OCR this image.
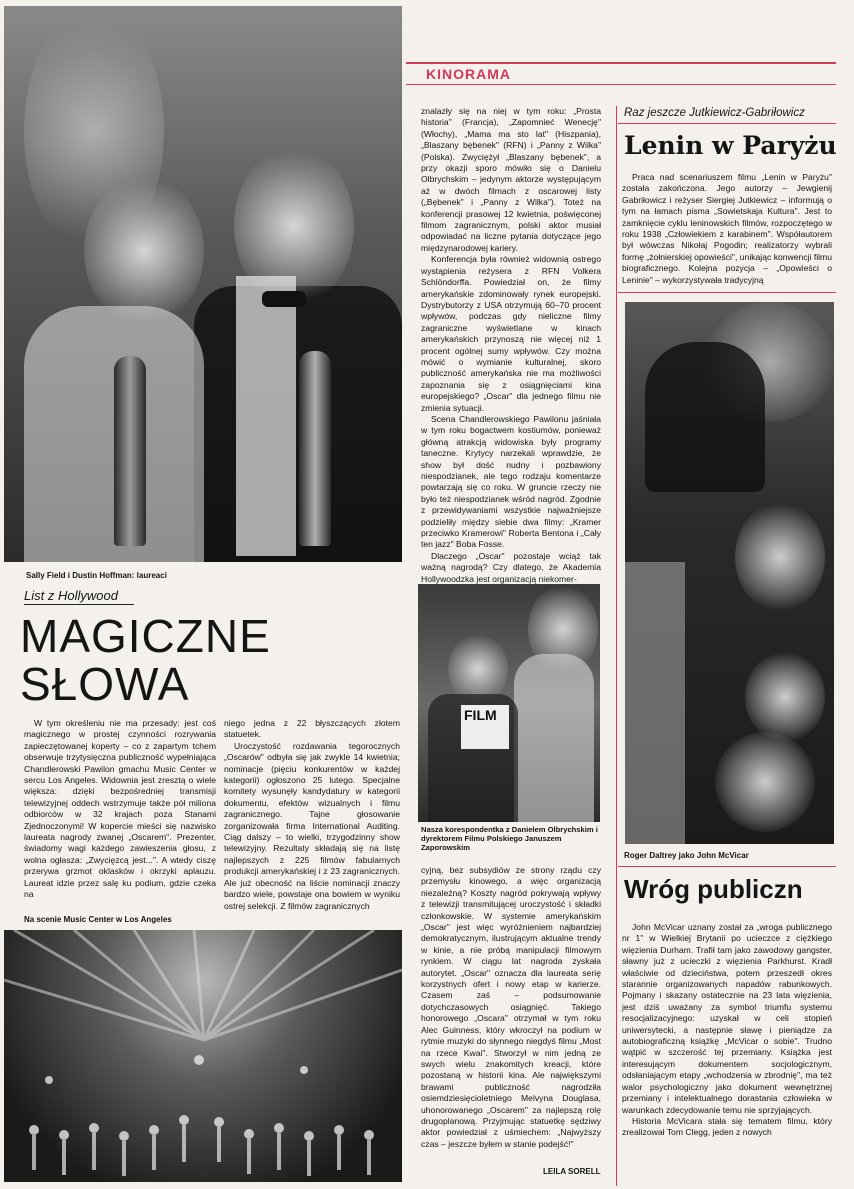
Sally Field i Dustin Hoffman: laureaci
List z Hollywood
MAGICZNE
SŁOWA

W tym określeniu nie ma przesady: jest coś magicznego w prostej czynności rozrywania zapieczętowanej koperty – co z zapartym tchem obserwuje trzytysięczna publiczność wypełniająca Chandlerowski Pawilon gmachu Music Center w sercu Los Angeles. Widownia jest zresztą o wiele większa: dzięki bezpośredniej transmisji telewizyjnej oddech wstrzymuje także pół miliona odbiorców w 32 krajach poza Stanami Zjednoczonymi! W kopercie mieści się nazwisko laureata nagrody zwanej „Oscarem". Prezenter, świadomy wagi każdego zawieszenia głosu, z wolna ogłasza: „Zwycięzcą jest...". A wtedy ciszę przerywa grzmot oklasków i okrzyki aplauzu. Laureat idzie przez salę ku podium, gdzie czeka na

niego jedna z 22 błyszczących złotem statuetek.

Uroczystość rozdawania tegorocznych „Oscarów" odbyła się jak zwykle 14 kwietnia; nominacje (pięciu konkurentów w każdej kategorii) ogłoszono 25 lutego. Specjalne komitety wysunęły kandydatury w kategorii dokumentu, efektów wizualnych i filmu zagranicznego. Tajne głosowanie zorganizowała firma International Auditing. Ciąg dalszy – to wielki, trzygodzinny show telewizyjny. Rezultaty składają się na listę najlepszych z 225 filmów fabularnych produkcji amerykańskiej i z 23 zagranicznych. Ale już obecność na liście nominacji znaczy bardzo wiele, powstaje ona bowiem w wyniku ostrej selekcji. Z filmów zagranicznych

Na scenie Music Center w Los Angeles
KINORAMA

znalazły się na niej w tym roku: „Prosta historia" (Francja), „Zapomnieć Wenecję" (Włochy), „Mama ma sto lat" (Hiszpania), „Blaszany bębenek" (RFN) i „Panny z Wilka" (Polska). Zwyciężył „Blaszany bębenek", a przy okazji sporo mówiło się o Danielu Olbrychskim – jedynym aktorze występującym aż w dwóch filmach z oscarowej listy („Bębenek" i „Panny z Wilka"). Toteż na konferencji prasowej 12 kwietnia, poświęconej filmom zagranicznym, polski aktor musiał odpowiadać na liczne pytania dotyczące jego międzynarodowej kariery.

Konferencja była również widownią ostrego wystąpienia reżysera z RFN Volkera Schlöndorffa. Powiedział on, że filmy amerykańskie zdominowały rynek europejski. Dystrybutorzy z USA otrzymują 60–70 procent wpływów, podczas gdy nieliczne filmy zagraniczne wyświetlane w kinach amerykańskich przynoszą nie więcej niż 1 procent ogólnej sumy wpływów. Czy można mówić o wymianie kulturalnej, skoro publiczność amerykańska nie ma możliwości zapoznania się z osiągnięciami kina europejskiego? „Oscar" dla jednego filmu nie zmienia sytuacji.

Scena Chandlerowskiego Pawilonu jaśniała w tym roku bogactwem kostiumów, ponieważ główną atrakcją widowiska były programy taneczne. Krytycy narzekali wprawdzie, że show był dość nudny i pozbawiony niespodzianek, ale tego rodzaju komentarze powtarzają się co roku. W gruncie rzeczy nie było też niespodzianek wśród nagród. Zgodnie z przewidywaniami wszystkie najważniejsze podzieliły między siebie dwa filmy: „Kramer przeciwko Kramerowi" Roberta Bentona i „Cały ten jazz" Boba Fosse.

Dlaczego „Oscar" pozostaje wciąż tak ważną nagrodą? Czy dlatego, że Akademia Hollywoodzka jest organizacją niekomer-

FILM
Nasza korespondentka z Danielem Olbrychskim i dyrektorem Filmu Polskiego Januszem Zaporowskim

cyjną, bez subsydiów ze strony rządu czy przemysłu kinowego, a więc organizacją niezależną? Koszty nagród pokrywają wpływy z telewizji transmitującej uroczystość i składki członkowskie. W systemie amerykańskim „Oscar" jest więc wyróżnieniem najbardziej demokratycznym, ilustrującym aktualne trendy w kinie, a nie próbą manipulacji filmowym rynkiem. W ciągu lat nagroda zyskała autorytet. „Oscar" oznacza dla laureata serię korzystnych ofert i nowy etap w karierze. Czasem zaś – podsumowanie dotychczasowych osiągnięć. Takiego honorowego „Oscara" otrzymał w tym roku Alec Guinness, który wkroczył na podium w rytmie muzyki do słynnego niegdyś filmu „Most na rzece Kwai". Stworzył w nim jedną ze swych wielu znakomitych kreacji, które pozostaną w historii kina. Ale największymi brawami publiczność nagrodziła osiemdziesięcioletniego Melvyna Douglasa, uhonorowanego „Oscarem" za najlepszą rolę drugoplanową. Przyjmując statuetkę sędziwy aktor powiedział z uśmiechem: „Najwyższy czas – jeszcze byłem w stanie podejść!"

LEILA SORELL
Raz jeszcze Jutkiewicz-Gabriłowicz
Lenin w Paryżu

Praca nad scenariuszem filmu „Lenin w Paryżu" została zakończona. Jego autorzy – Jewgienij Gabriłowicz i reżyser Siergiej Jutkiewicz – informują o tym na łamach pisma „Sowietskaja Kultura". Jest to zamknięcie cyklu leninowskich filmów, rozpoczętego w roku 1938 „Człowiekiem z karabinem". Współautorem był wówczas Nikołaj Pogodin; realizatorzy wybrali formę „żołnierskiej opowieści", unikając konwencji filmu biograficznego. Kolejna pozycja – „Opowieści o Leninie" – wykorzystywała tradycyjną

Roger Daltrey jako John McVicar
Wróg publiczn

John McVicar uznany został za „wroga publicznego nr 1" w Wielkiej Brytanii po ucieczce z ciężkiego więzienia Durham. Trafił tam jako zawodowy gangster, sławny już z ucieczki z więzienia Parkhurst. Kradł właściwie od dzieciństwa, potem przeszedł okres starannie organizowanych napadów rabunkowych. Pojmany i skazany ostatecznie na 23 lata więzienia, jest dziś uważany za symbol triumfu systemu resocjalizacyjnego: uzyskał w celi stopień uniwersytecki, a następnie sławę i pieniądze za autobiograficzną książkę „McVicar o sobie". Trudno wątpić w szczerość tej przemiany. Książka jest interesującym dokumentem socjologicznym, odsłaniającym etapy „wchodzenia w zbrodnię", ma też walor psychologiczny jako dokument wewnętrznej przemiany i intelektualnego dorastania człowieka w warunkach zdecydowanie temu nie sprzyjających.

Historia McVicara stała się tematem filmu, który zrealizował Tom Clegg, jeden z nowych
